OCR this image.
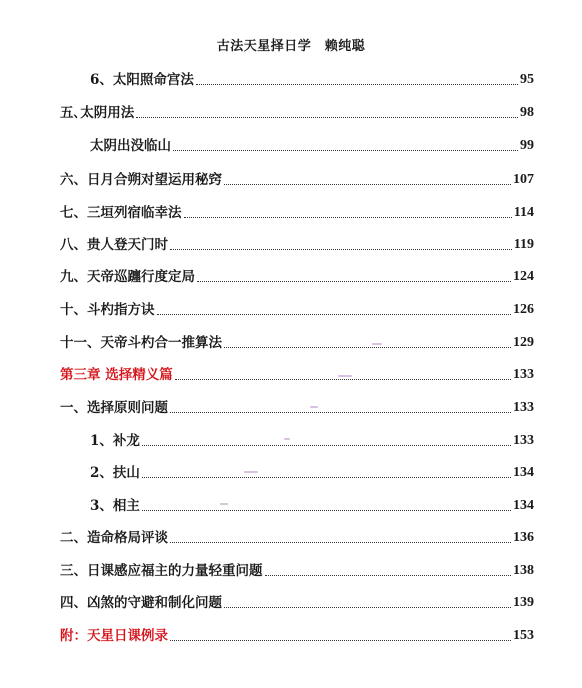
古法天星择日学　赖纯聪
6、太阳照命宫法	95
五､太阴用法	98
太阴出没临山	99
六、日月合朔对望运用秘窍	107
七、三垣列宿临幸法	114
八、贵人登天门时	119
九、天帝巡躔行度定局	124
十、斗杓指方诀	126
十一、天帝斗杓合一推算法	129
第三章 选择精义篇	133
一、选择原则问题	133
1、补龙	133
2、扶山	134
3、相主	134
二、造命格局评谈	136
三、日课感应福主的力量轻重问题	138
四、凶煞的守避和制化问题	139
附：天星日课例录	153
